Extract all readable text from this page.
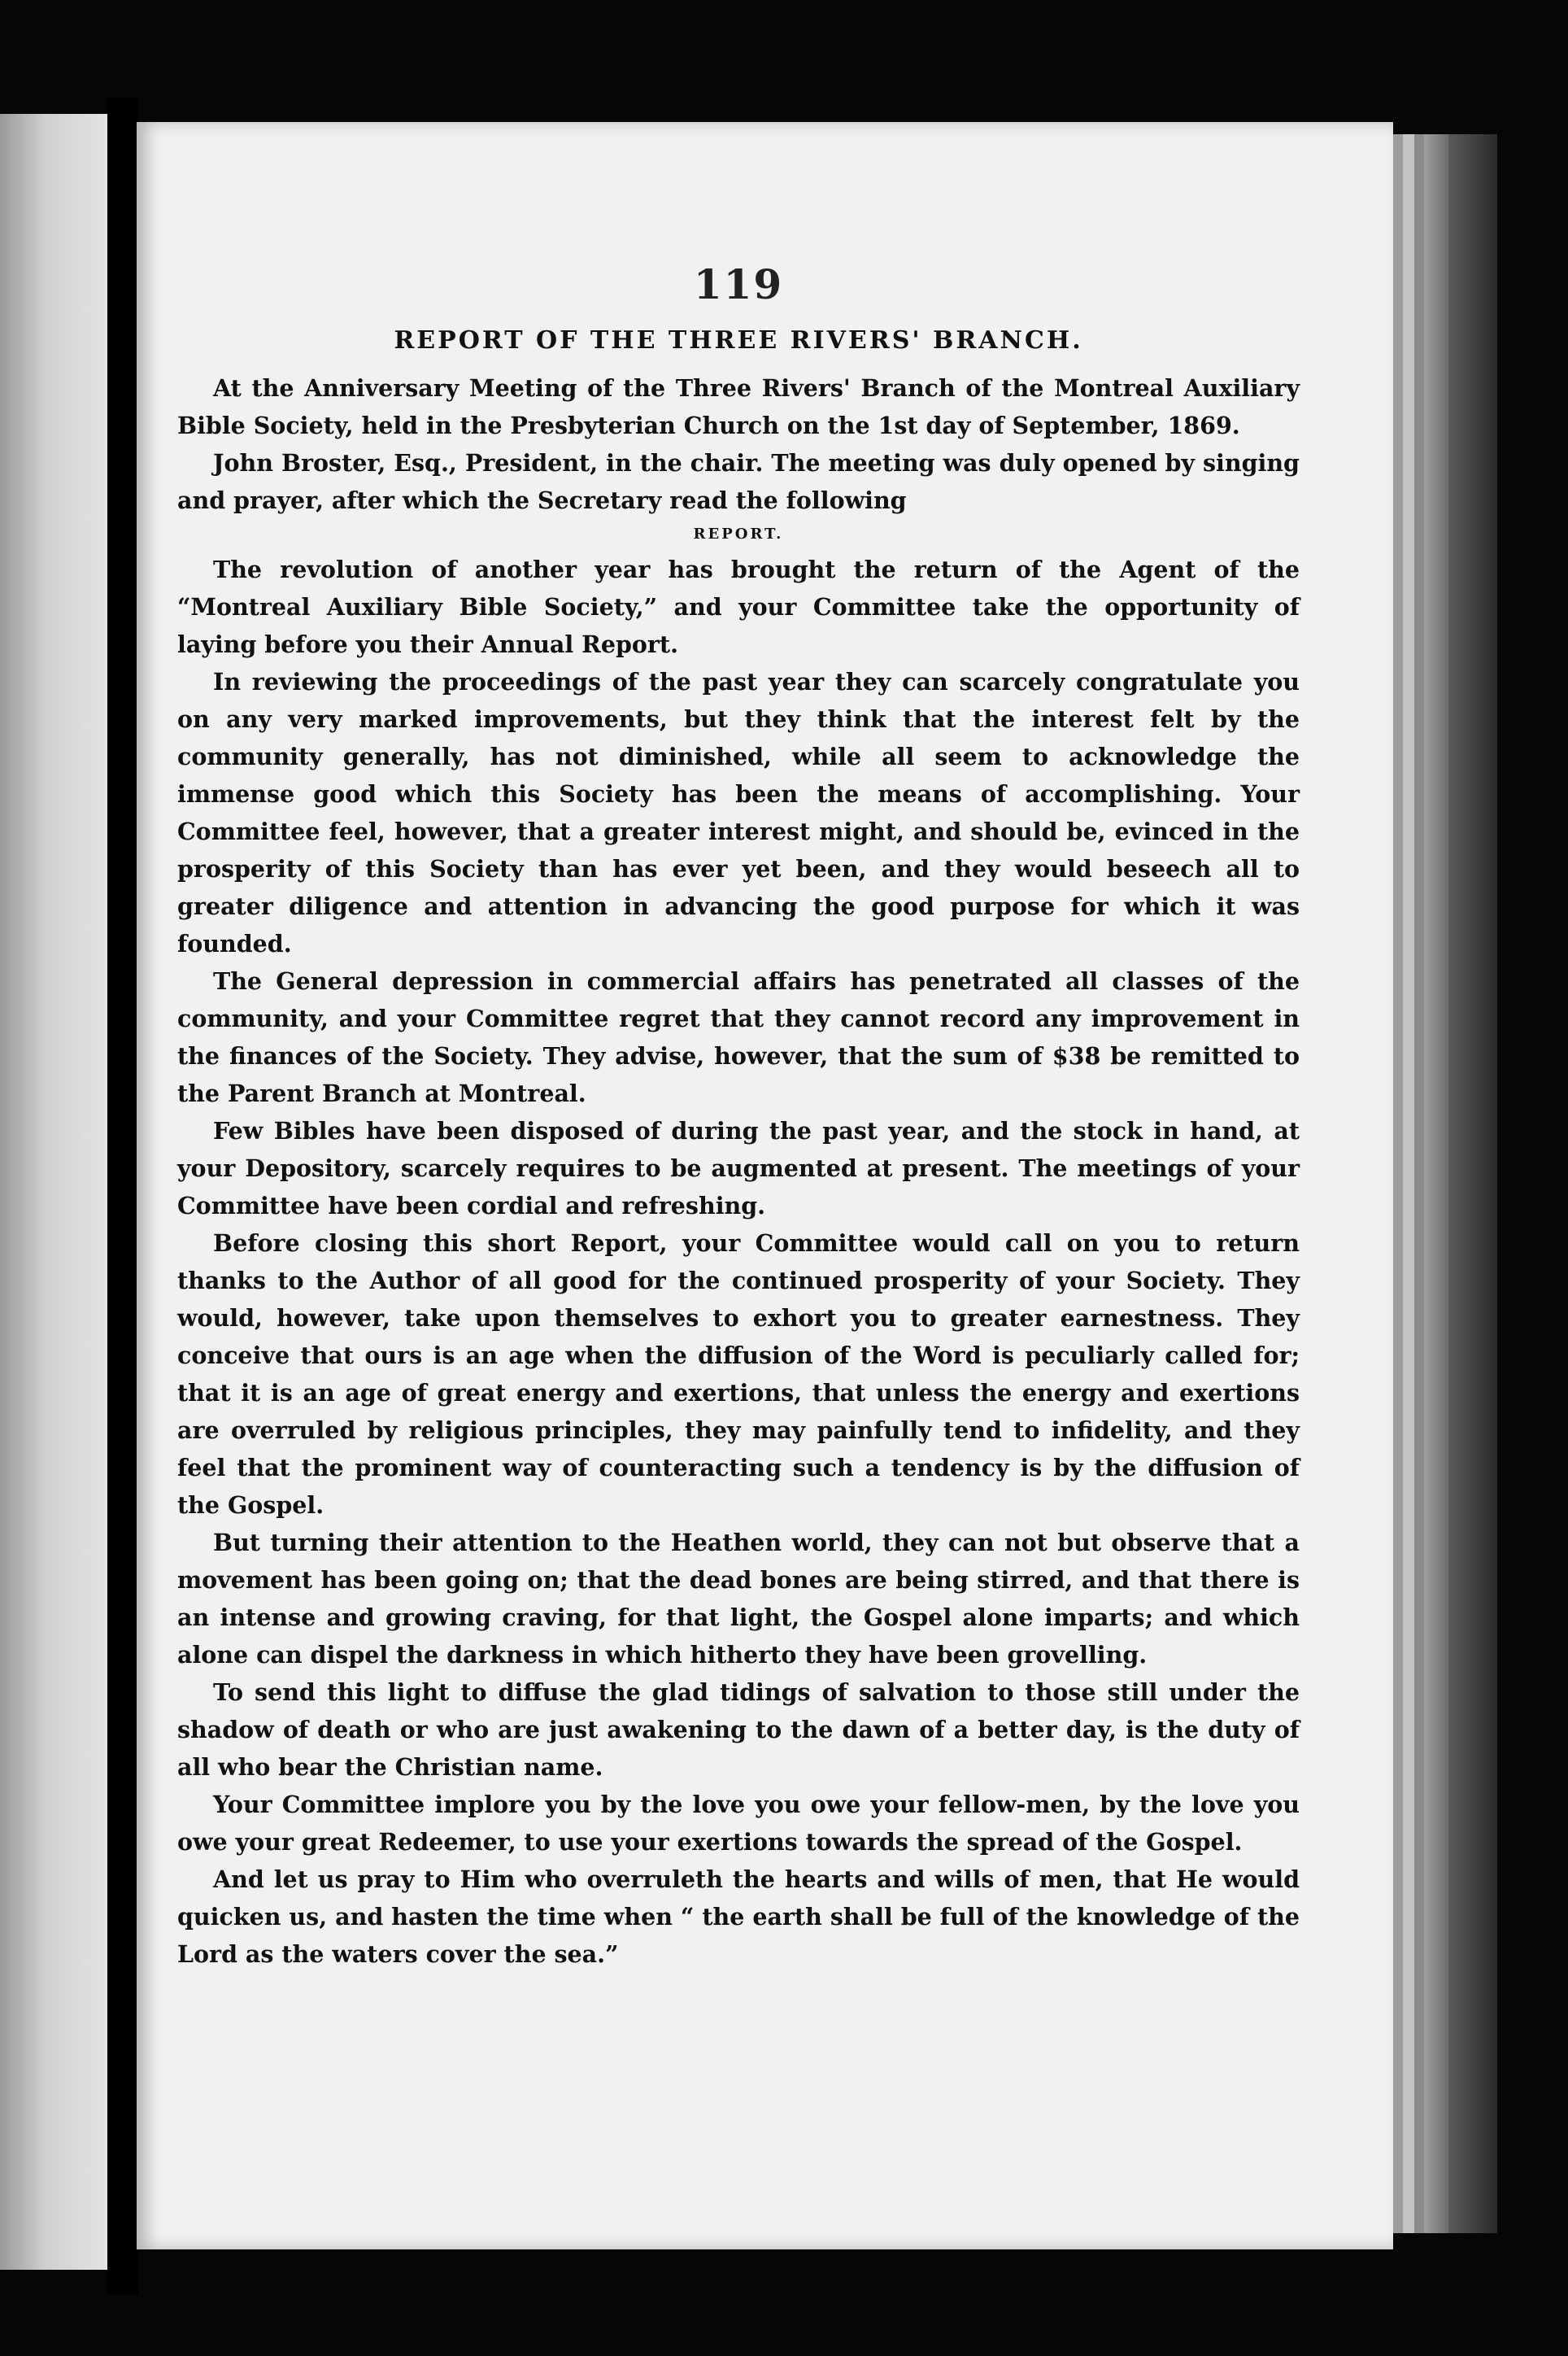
119
REPORT OF THE THREE RIVERS' BRANCH.

At the Anniversary Meeting of the Three Rivers' Branch of the Montreal Auxiliary Bible Society, held in the Presbyterian Church on the 1st day of September, 1869.

John Broster, Esq., President, in the chair. The meeting was duly opened by singing and prayer, after which the Secretary read the following

REPORT.

The revolution of another year has brought the return of the Agent of the “Montreal Auxiliary Bible Society,” and your Committee take the opportunity of laying before you their Annual Report.

In reviewing the proceedings of the past year they can scarcely congratulate you on any very marked improvements, but they think that the interest felt by the community generally, has not diminished, while all seem to acknowledge the immense good which this Society has been the means of accomplishing. Your Committee feel, however, that a greater interest might, and should be, evinced in the prosperity of this Society than has ever yet been, and they would beseech all to greater diligence and attention in advancing the good purpose for which it was founded.

The General depression in commercial affairs has penetrated all classes of the community, and your Committee regret that they cannot record any improvement in the finances of the Society. They advise, however, that the sum of $38 be remitted to the Parent Branch at Montreal.

Few Bibles have been disposed of during the past year, and the stock in hand, at your Depository, scarcely requires to be augmented at present. The meetings of your Committee have been cordial and refreshing.

Before closing this short Report, your Committee would call on you to return thanks to the Author of all good for the continued prosperity of your Society. They would, however, take upon themselves to exhort you to greater earnestness. They conceive that ours is an age when the diffusion of the Word is peculiarly called for; that it is an age of great energy and exertions, that unless the energy and exertions are overruled by religious principles, they may painfully tend to infidelity, and they feel that the prominent way of counteracting such a tendency is by the diffusion of the Gospel.

But turning their attention to the Heathen world, they can not but observe that a movement has been going on; that the dead bones are being stirred, and that there is an intense and growing craving, for that light, the Gospel alone imparts; and which alone can dispel the darkness in which hitherto they have been grovelling.

To send this light to diffuse the glad tidings of salvation to those still under the shadow of death or who are just awakening to the dawn of a better day, is the duty of all who bear the Christian name.

Your Committee implore you by the love you owe your fellow-men, by the love you owe your great Redeemer, to use your exertions towards the spread of the Gospel.

And let us pray to Him who overruleth the hearts and wills of men, that He would quicken us, and hasten the time when “ the earth shall be full of the knowledge of the Lord as the waters cover the sea.”
